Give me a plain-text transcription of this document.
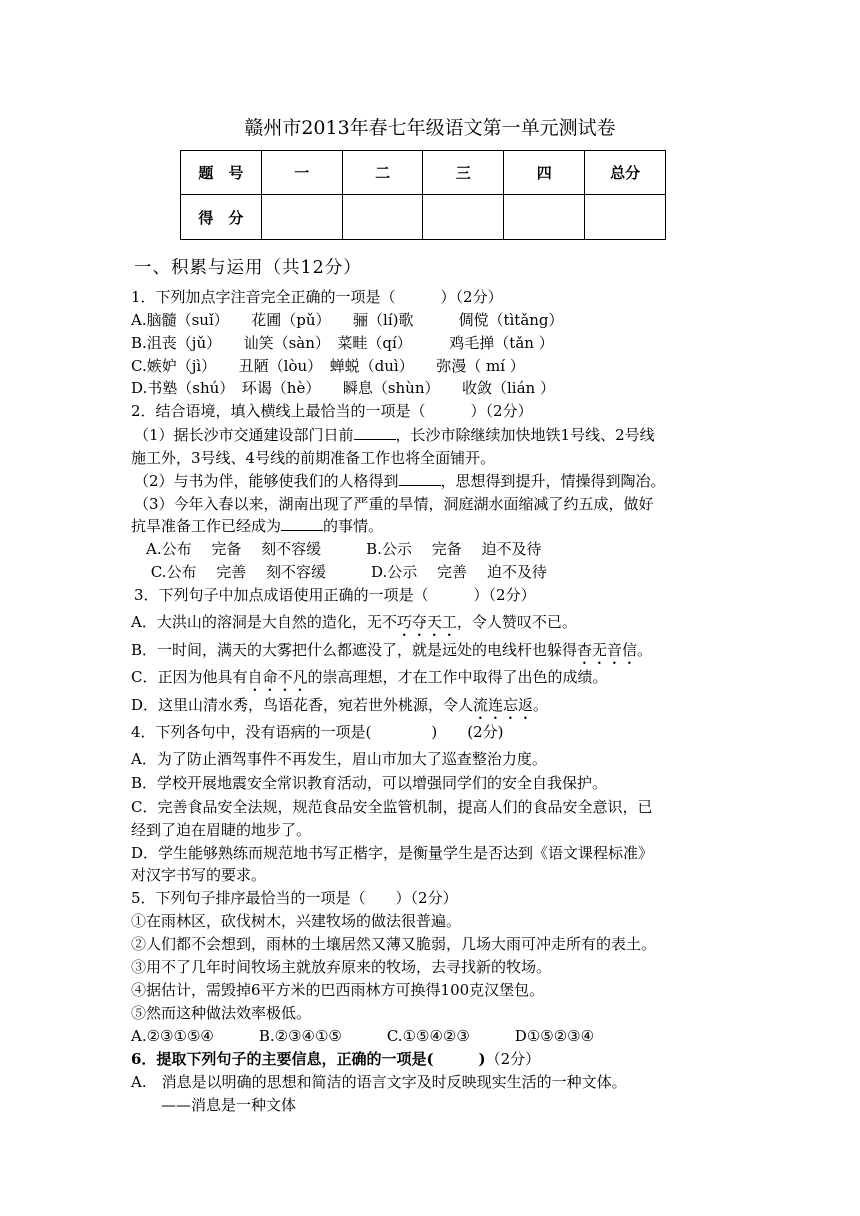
赣州市2013年春七年级语文第一单元测试卷
题　号	一	二	三	四	总分
得　分					
一、积累与运用（共12分）
1．下列加点字注音完全正确的一项是（　　　）（2分）
A.脑髓（suǐ）　　花圃（pǔ）　　骊（lí)歌　　　倜傥（tìtǎng）
B.沮丧（jǔ）　　讪笑（sàn）　菜畦（qí）　　　鸡毛掸（tǎn ）
C.嫉妒（jì）　　丑陋（lòu）　蝉蜕（duì）　　弥漫（ mí ）
D.书塾（shú）　环谒（hè）　　瞬息（shùn）　　收敛（lián ）
2．结合语境，填入横线上最恰当的一项是（　　　）（2分）
（1）据长沙市交通建设部门日前	，长沙市除继续加快地铁1号线、2号线
施工外，3号线、4号线的前期准备工作也将全面铺开。
（2）与书为伴，能够使我们的人格得到	，思想得到提升，情操得到陶冶。
（3）今年入春以来，湖南出现了严重的旱情，洞庭湖水面缩减了约五成，做好
抗旱准备工作已经成为	的事情。
　A.公布　 完备　 刻不容缓　　　B.公示　 完备　 迫不及待
　 C.公布　 完善　 刻不容缓　　　D.公示　 完善　 迫不及待
3．下列句子中加点成语使用正确的一项是（　　　）（2分）
A．大洪山的溶洞是大自然的造化，无不巧夺天工，令人赞叹不已。
B．一时间，满天的大雾把什么都遮没了，就是远处的电线杆也躲得杳无音信。
C．正因为他具有自命不凡的崇高理想，才在工作中取得了出色的成绩。
D．这里山清水秀，鸟语花香，宛若世外桃源，令人流连忘返。
4．下列各句中，没有语病的一项是(　　　　)　　(2分)
A．为了防止酒驾事件不再发生，眉山市加大了巡查整治力度。
B．学校开展地震安全常识教育活动，可以增强同学们的安全自我保护。
C．完善食品安全法规，规范食品安全监管机制，提高人们的食品安全意识，已
经到了迫在眉睫的地步了。
D．学生能够熟练而规范地书写正楷字，是衡量学生是否达到《语文课程标准》
对汉字书写的要求。
5．下列句子排序最恰当的一项是（　　）（2分）
①在雨林区，砍伐树木，兴建牧场的做法很普遍。
②人们都不会想到，雨林的土壤居然又薄又脆弱，几场大雨可冲走所有的表土。
③用不了几年时间牧场主就放弃原来的牧场，去寻找新的牧场。
④据估计，需毁掉6平方米的巴西雨林方可换得100克汉堡包。
⑤然而这种做法效率极低。
A.②③①⑤④　　　B.②③④①⑤　　　C.①⑤④②③　　　D①⑤②③④
6．提取下列句子的主要信息，正确的一项是(　　　)（2分）
A.　消息是以明确的思想和简洁的语言文字及时反映现实生活的一种文体。
　　——消息是一种文体
